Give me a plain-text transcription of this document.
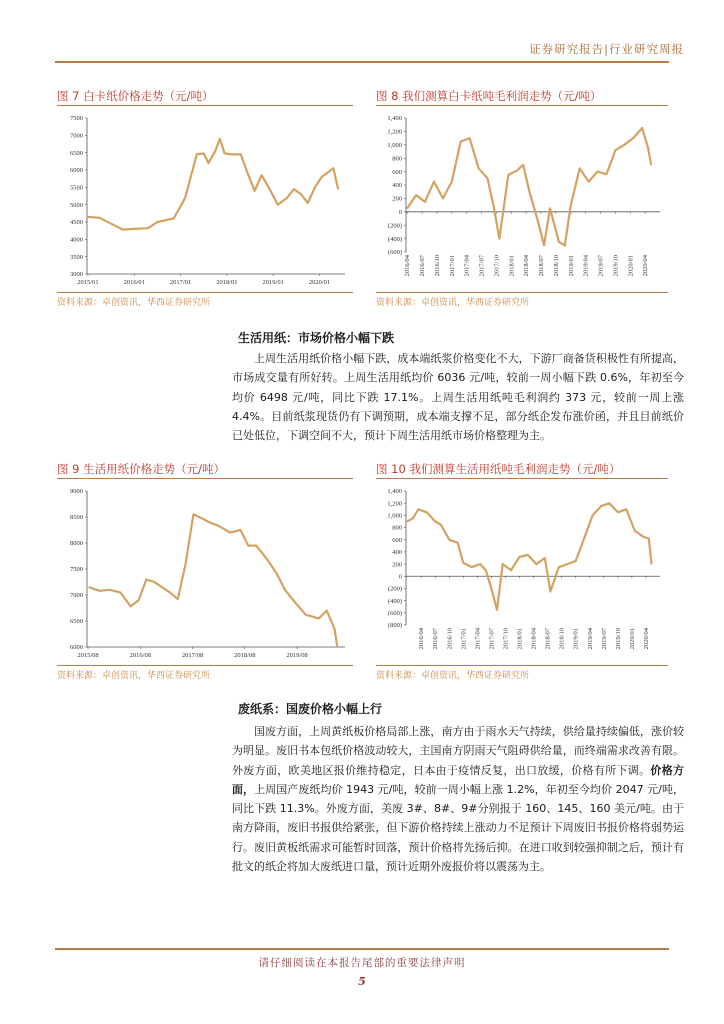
证券研究报告|行业研究周报
图 7 白卡纸价格走势（元/吨）	图 8 我们测算白卡纸吨毛利润走势（元/吨）
3000
3500
4000
4500
5000
5500
6000
6500
7000
7500
2015/01	2016/01	2017/01	2018/01	2019/01	2020/01
(600)
(400)
(200)
0
200
400
600
800
1,000
1,200
1,400
2016/04 2016/07 2016/10 2017/01 2017/04 2017/07 2017/10 2018/01 2018/04 2018/07 2018/10 2019/01 2019/04 2019/07 2019/10 2020/01 2020/04
资料来源：卓创资讯，华西证券研究所	资料来源：卓创资讯，华西证券研究所
生活用纸：市场价格小幅下跌

上周生活用纸价格小幅下跌，成本端纸浆价格变化不大，下游厂商备货积极性有所提高，市场成交量有所好转。上周生活用纸均价 6036 元/吨，较前一周小幅下跌 0.6%，年初至今均价 6498 元/吨，同比下跌 17.1%。上周生活用纸吨毛利润约 373 元，较前一周上涨 4.4%。目前纸浆现货仍有下调预期，成本端支撑不足，部分纸企发布涨价函，并且目前纸价已处低位，下调空间不大，预计下周生活用纸市场价格整理为主。

图 9 生活用纸价格走势（元/吨）	图 10 我们测算生活用纸吨毛利润走势（元/吨）
6000
6500
7000
7500
8000
8500
9000
2015/08	2016/08	2017/08	2018/08	2019/08
(800)
(600)
(400)
(200)
0
200
400
600
800
1,000
1,200
1,400
2016/04 2016/07 2016/10 2017/01 2017/04 2017/07 2017/10 2018/01 2018/04 2018/07 2018/10 2019/01 2019/04 2019/07 2019/10 2020/01 2020/04
资料来源：卓创资讯，华西证券研究所	资料来源：卓创资讯，华西证券研究所
废纸系：国废价格小幅上行

国废方面，上周黄纸板价格局部上涨，南方由于雨水天气持续，供给量持续偏低，涨价较为明显。废旧书本包纸价格波动较大，主国南方阴雨天气阻碍供给量，而终端需求改善有限。外废方面，欧美地区报价维持稳定，日本由于疫情反复，出口放缓，价格有所下调。价格方面，上周国产废纸均价 1943 元/吨，较前一周小幅上涨 1.2%，年初至今均价 2047 元/吨，同比下跌 11.3%。外废方面，美废 3#、8#、9#分别报于 160、145、160 美元/吨。由于南方降雨，废旧书报供给紧张，但下游价格持续上涨动力不足预计下周废旧书报价格将弱势运行。废旧黄板纸需求可能暂时回落，预计价格将先扬后抑。在进口收到较强抑制之后，预计有批文的纸企将加大废纸进口量，预计近期外废报价将以震荡为主。

请仔细阅读在本报告尾部的重要法律声明
5
